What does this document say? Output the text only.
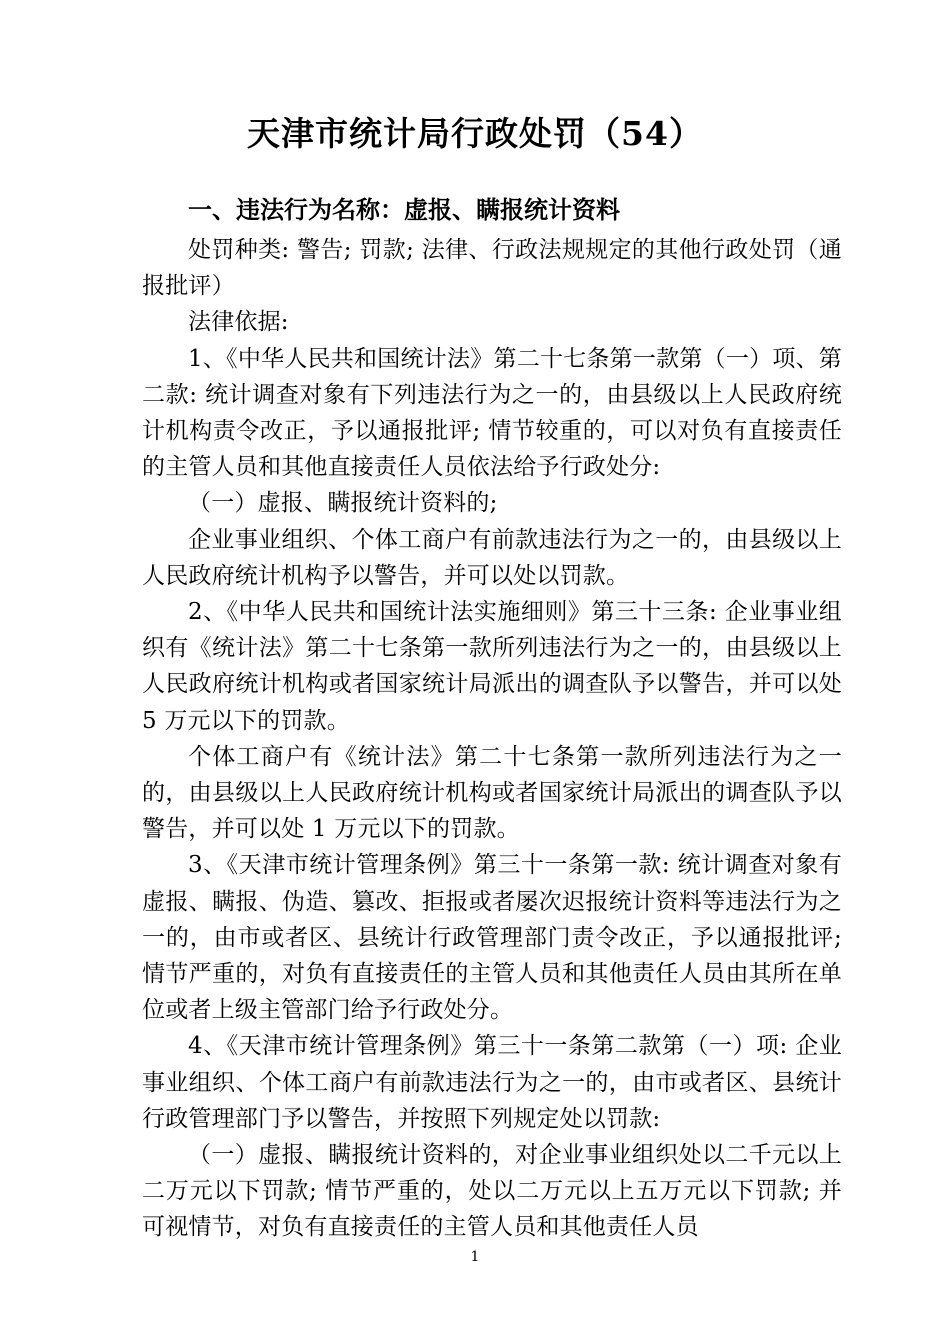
天津市统计局行政处罚（54）

一、违法行为名称：虚报、瞒报统计资料

处罚种类: 警告; 罚款; 法律、行政法规规定的其他行政处罚（通报批评）

法律依据:

1、《中华人民共和国统计法》第二十七条第一款第（一）项、第二款: 统计调查对象有下列违法行为之一的，由县级以上人民政府统计机构责令改正，予以通报批评; 情节较重的，可以对负有直接责任的主管人员和其他直接责任人员依法给予行政处分:

（一）虚报、瞒报统计资料的;

企业事业组织、个体工商户有前款违法行为之一的，由县级以上人民政府统计机构予以警告，并可以处以罚款。

2、《中华人民共和国统计法实施细则》第三十三条: 企业事业组织有《统计法》第二十七条第一款所列违法行为之一的，由县级以上人民政府统计机构或者国家统计局派出的调查队予以警告，并可以处 5 万元以下的罚款。

个体工商户有《统计法》第二十七条第一款所列违法行为之一的，由县级以上人民政府统计机构或者国家统计局派出的调查队予以警告，并可以处 1 万元以下的罚款。

3、《天津市统计管理条例》第三十一条第一款: 统计调查对象有虚报、瞒报、伪造、篡改、拒报或者屡次迟报统计资料等违法行为之一的，由市或者区、县统计行政管理部门责令改正，予以通报批评; 情节严重的，对负有直接责任的主管人员和其他责任人员由其所在单位或者上级主管部门给予行政处分。

4、《天津市统计管理条例》第三十一条第二款第（一）项: 企业事业组织、个体工商户有前款违法行为之一的，由市或者区、县统计行政管理部门予以警告，并按照下列规定处以罚款:

（一）虚报、瞒报统计资料的，对企业事业组织处以二千元以上二万元以下罚款; 情节严重的，处以二万元以上五万元以下罚款; 并可视情节，对负有直接责任的主管人员和其他责任人员

1
